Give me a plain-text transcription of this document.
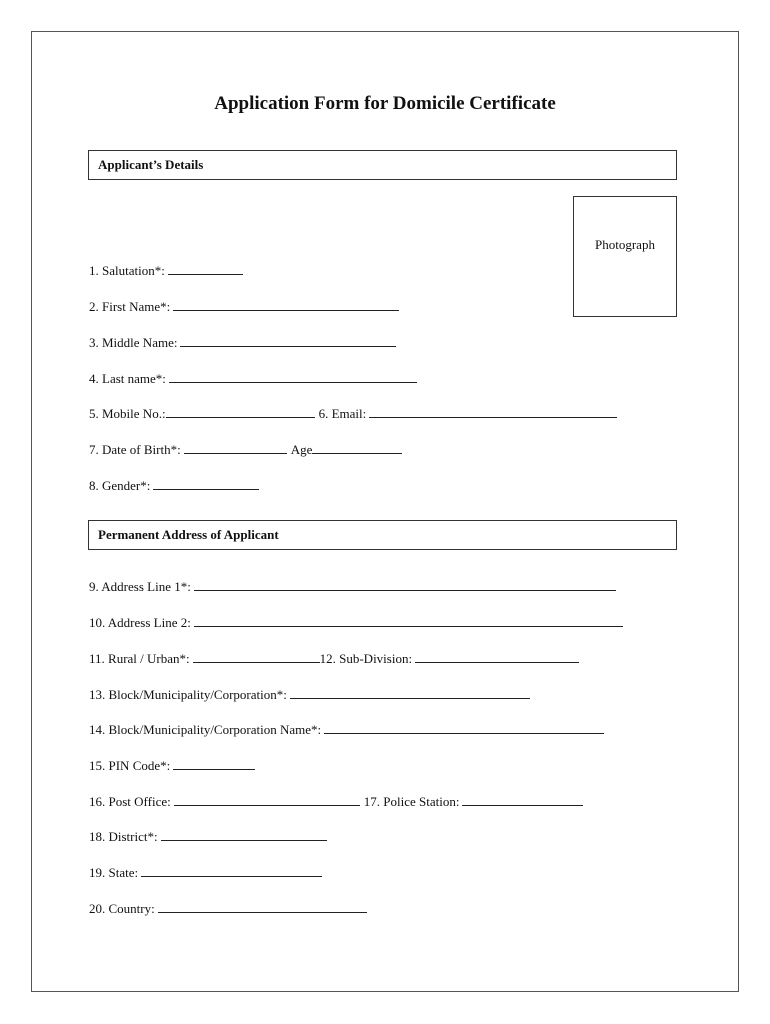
Application Form for Domicile Certificate
Applicant’s Details
Photograph
1. Salutation*:
2. First Name*:
3. Middle Name:
4. Last name*:
5. Mobile No.:	6. Email:
7. Date of Birth*:	Age
8. Gender*:
Permanent Address of Applicant
9. Address Line 1*:
10. Address Line 2:
11. Rural / Urban*:	12. Sub-Division:
13. Block/Municipality/Corporation*:
14. Block/Municipality/Corporation Name*:
15. PIN Code*:
16. Post Office:	17. Police Station:
18. District*:
19. State:
20. Country:
